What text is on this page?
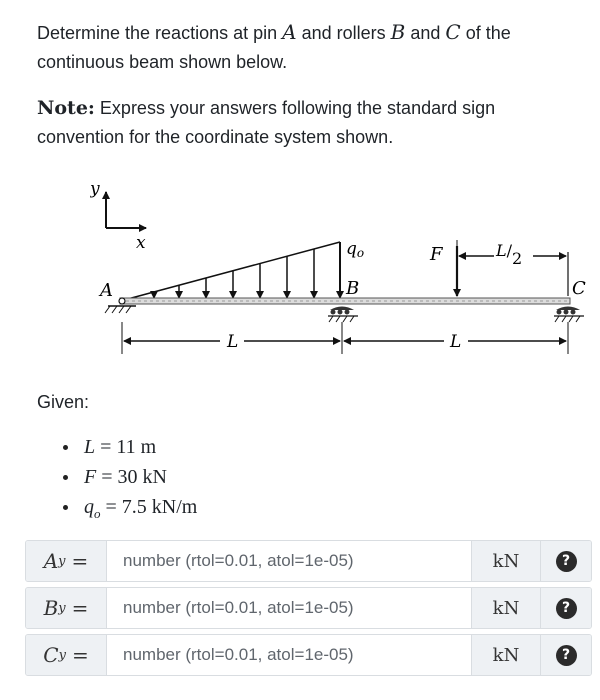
Determine the reactions at pin A and rollers B and C of the continuous beam shown below.
Note: Express your answers following the standard sign convention for the coordinate system shown.
y
x	qo
A	B	C
F	L/2
L	L
Given:
L = 11 m
F = 30 kN
$q_o = 7.5$ kN/m
A y =
number (rtol=0.01, atol=1e-05)	kN	?
B y =
number (rtol=0.01, atol=1e-05)	kN	?
C y =
number (rtol=0.01, atol=1e-05)	kN	?
